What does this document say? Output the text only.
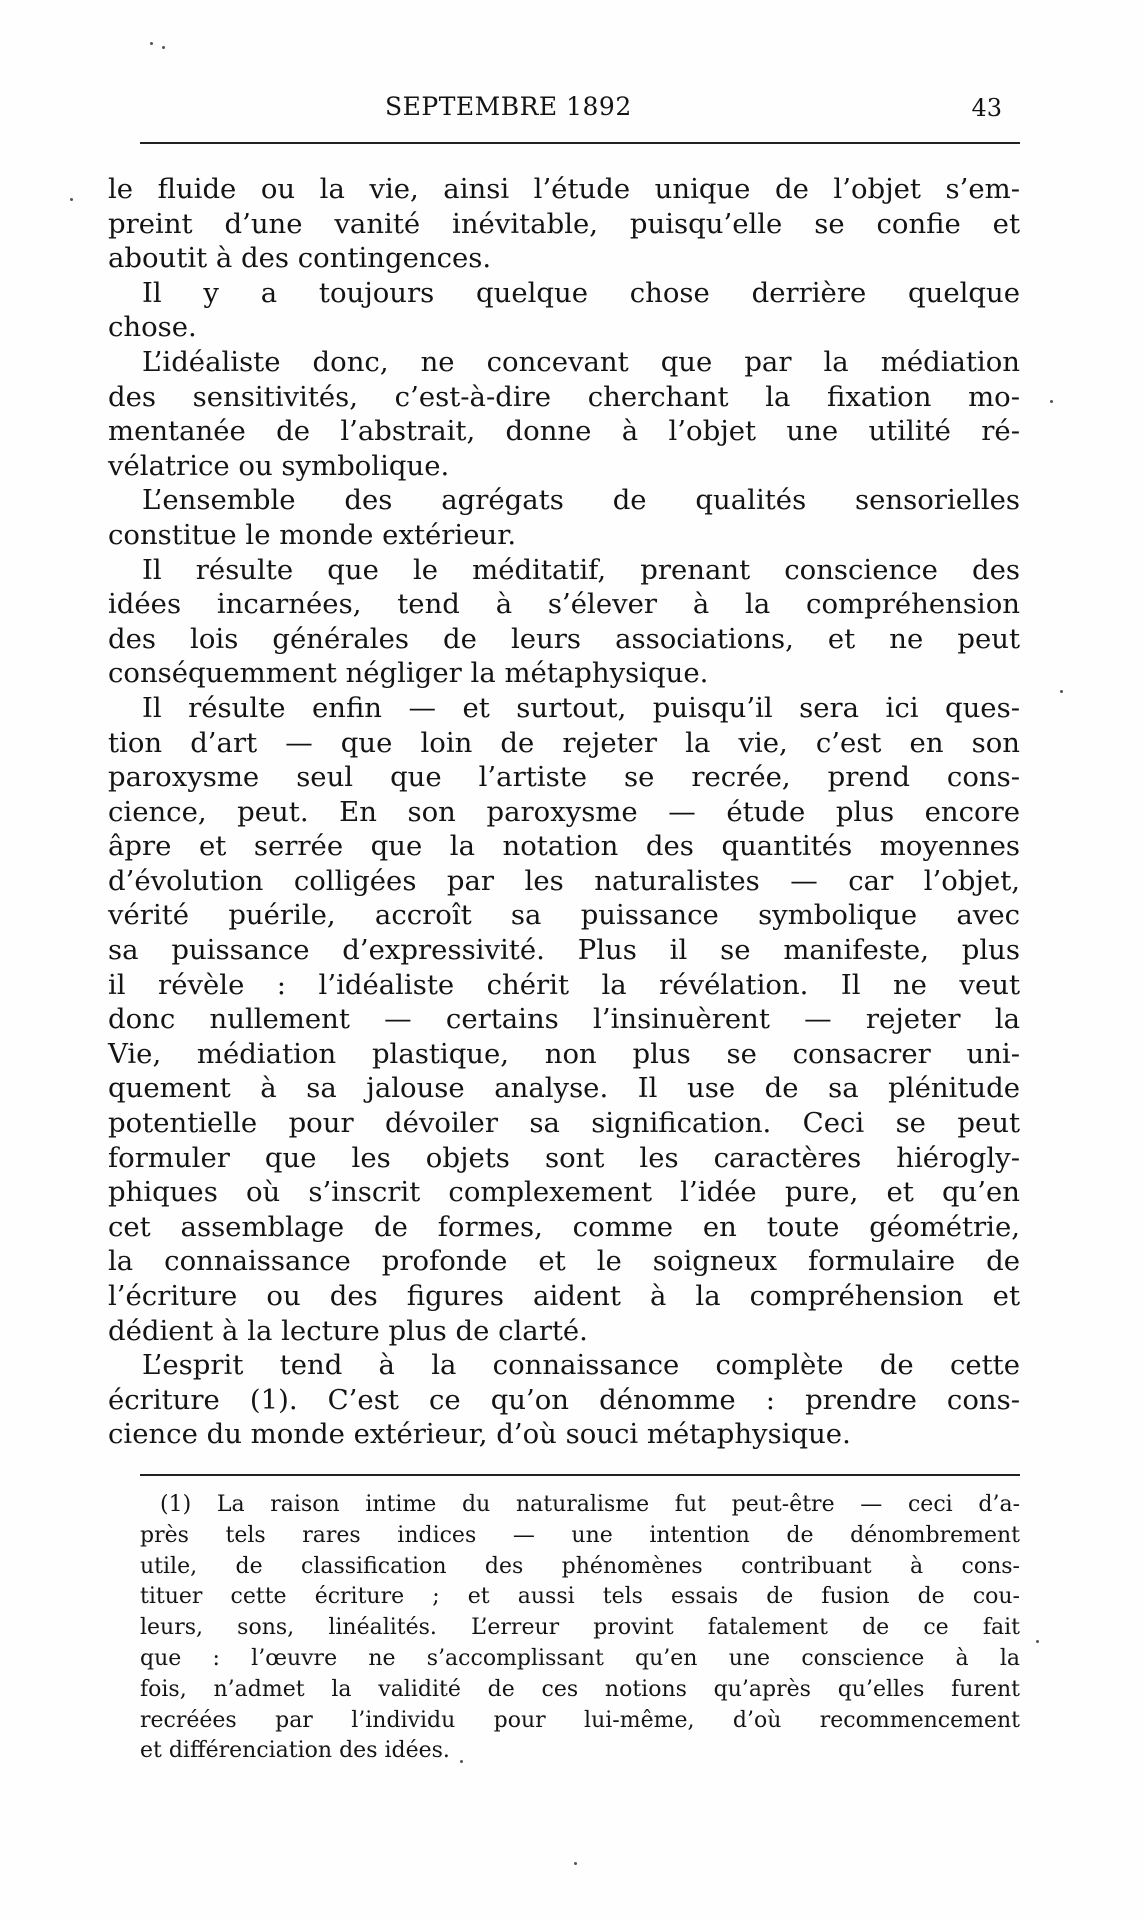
SEPTEMBRE 1892	43
le fluide ou la vie, ainsi l’étude unique de l’objet s’em-
preint d’une vanité inévitable, puisqu’elle se confie et
aboutit à des contingences.
Il y a toujours quelque chose derrière quelque
chose.
L’idéaliste donc, ne concevant que par la médiation
des sensitivités, c’est-à-dire cherchant la fixation mo-
mentanée de l’abstrait, donne à l’objet une utilité ré-
vélatrice ou symbolique.
L’ensemble des agrégats de qualités sensorielles
constitue le monde extérieur.
Il résulte que le méditatif, prenant conscience des
idées incarnées, tend à s’élever à la compréhension
des lois générales de leurs associations, et ne peut
conséquemment négliger la métaphysique.
Il résulte enfin — et surtout, puisqu’il sera ici ques-
tion d’art — que loin de rejeter la vie, c’est en son
paroxysme seul que l’artiste se recrée, prend cons-
cience, peut. En son paroxysme — étude plus encore
âpre et serrée que la notation des quantités moyennes
d’évolution colligées par les naturalistes — car l’objet,
vérité puérile, accroît sa puissance symbolique avec
sa puissance d’expressivité. Plus il se manifeste, plus
il révèle : l’idéaliste chérit la révélation. Il ne veut
donc nullement — certains l’insinuèrent — rejeter la
Vie, médiation plastique, non plus se consacrer uni-
quement à sa jalouse analyse. Il use de sa plénitude
potentielle pour dévoiler sa signification. Ceci se peut
formuler que les objets sont les caractères hiérogly-
phiques où s’inscrit complexement l’idée pure, et qu’en
cet assemblage de formes, comme en toute géométrie,
la connaissance profonde et le soigneux formulaire de
l’écriture ou des figures aident à la compréhension et
dédient à la lecture plus de clarté.
L’esprit tend à la connaissance complète de cette
écriture (1). C’est ce qu’on dénomme : prendre cons-
cience du monde extérieur, d’où souci métaphysique.
(1) La raison intime du naturalisme fut peut-être — ceci d’a-
près tels rares indices — une intention de dénombrement
utile, de classification des phénomènes contribuant à cons-
tituer cette écriture ; et aussi tels essais de fusion de cou-
leurs, sons, linéalités. L’erreur provint fatalement de ce fait
que : l’œuvre ne s’accomplissant qu’en une conscience à la
fois, n’admet la validité de ces notions qu’après qu’elles furent
recréées par l’individu pour lui-même, d’où recommencement
et différenciation des idées.
